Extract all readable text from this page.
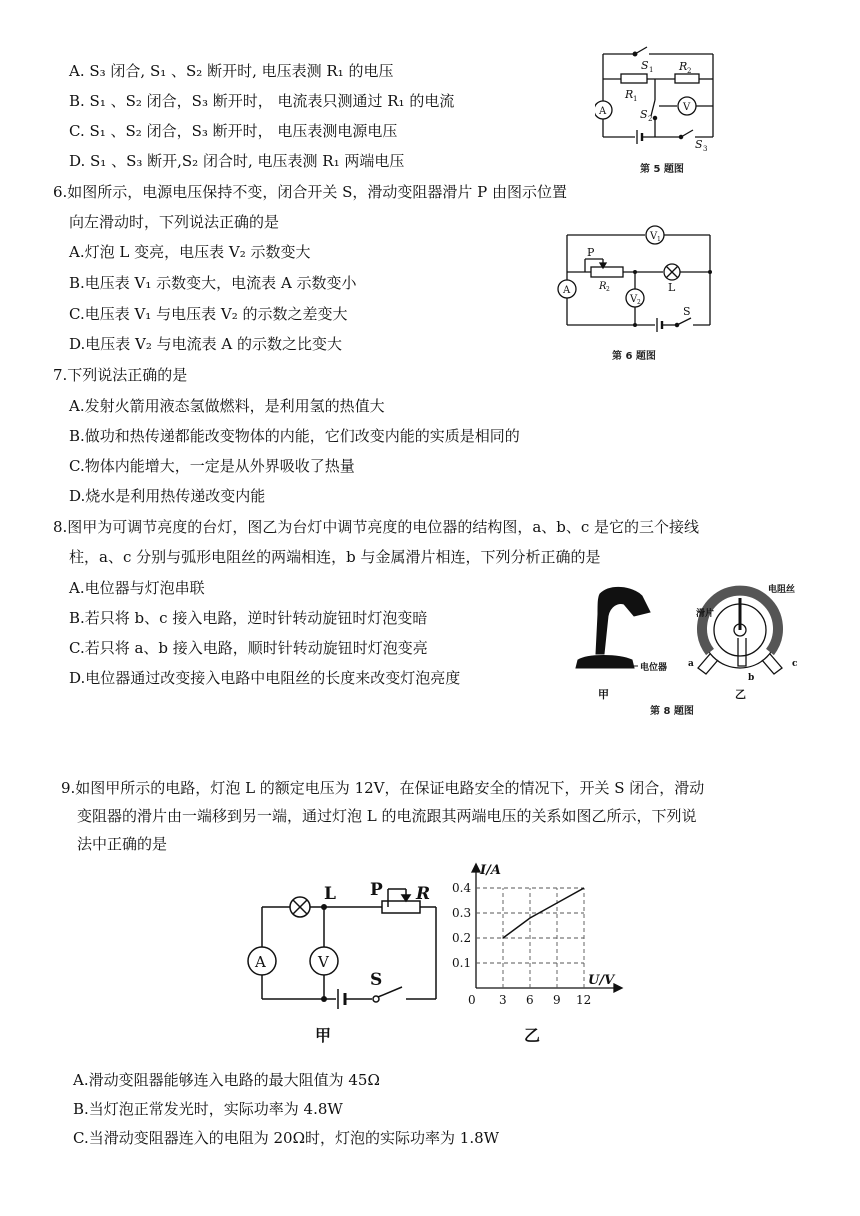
A. S₃ 闭合, S₁ 、S₂ 断开时, 电压表测 R₁ 的电压
B. S₁ 、S₂ 闭合，S₃ 断开时， 电流表只测通过 R₁ 的电流
C. S₁ 、S₂ 闭合，S₃ 断开时， 电压表测电源电压
D. S₁ 、S₃ 断开,S₂ 闭合时, 电压表测 R₁ 两端电压
S 1 R 2
R 1
A	S 2
V
S 3
第 5 题图
6.如图所示，电源电压保持不变，闭合开关 S，滑动变阻器滑片 P 由图示位置
向左滑动时，下列说法正确的是
A.灯泡 L 变亮，电压表 V₂ 示数变大
B.电压表 V₁ 示数变大，电流表 A 示数变小
C.电压表 V₁ 与电压表 V₂ 的示数之差变大
D.电压表 V₂ 与电流表 A 的示数之比变大
V 1
P
A	R 2
V 2
L
S
第 6 题图
7.下列说法正确的是
A.发射火箭用液态氢做燃料，是利用氢的热值大
B.做功和热传递都能改变物体的内能，它们改变内能的实质是相同的
C.物体内能增大，一定是从外界吸收了热量
D.烧水是利用热传递改变内能
8.图甲为可调节亮度的台灯，图乙为台灯中调节亮度的电位器的结构图，a、b、c 是它的三个接线
柱，a、c 分别与弧形电阻丝的两端相连，b 与金属滑片相连，下列分析正确的是
A.电位器与灯泡串联
B.若只将 b、c 接入电路，逆时针转动旋钮时灯泡变暗
C.若只将 a、b 接入电路，顺时针转动旋钮时灯泡变亮
D.电位器通过改变接入电路中电阻丝的长度来改变灯泡亮度
电位器
甲	乙
电阻丝
滑片
a
b
c
第 8 题图
9.如图甲所示的电路，灯泡 L 的额定电压为 12V，在保证电路安全的情况下，开关 S 闭合，滑动
变阻器的滑片由一端移到另一端，通过灯泡 L 的电流跟其两端电压的关系如图乙所示，下列说
法中正确的是
L P R
A	V
S
甲
0 3 6 9 12
0.1
0.2
0.3
0.4
I/A
U/V
乙
A.滑动变阻器能够连入电路的最大阻值为 45Ω
B.当灯泡正常发光时，实际功率为 4.8W
C.当滑动变阻器连入的电阻为 20Ω时，灯泡的实际功率为 1.8W
